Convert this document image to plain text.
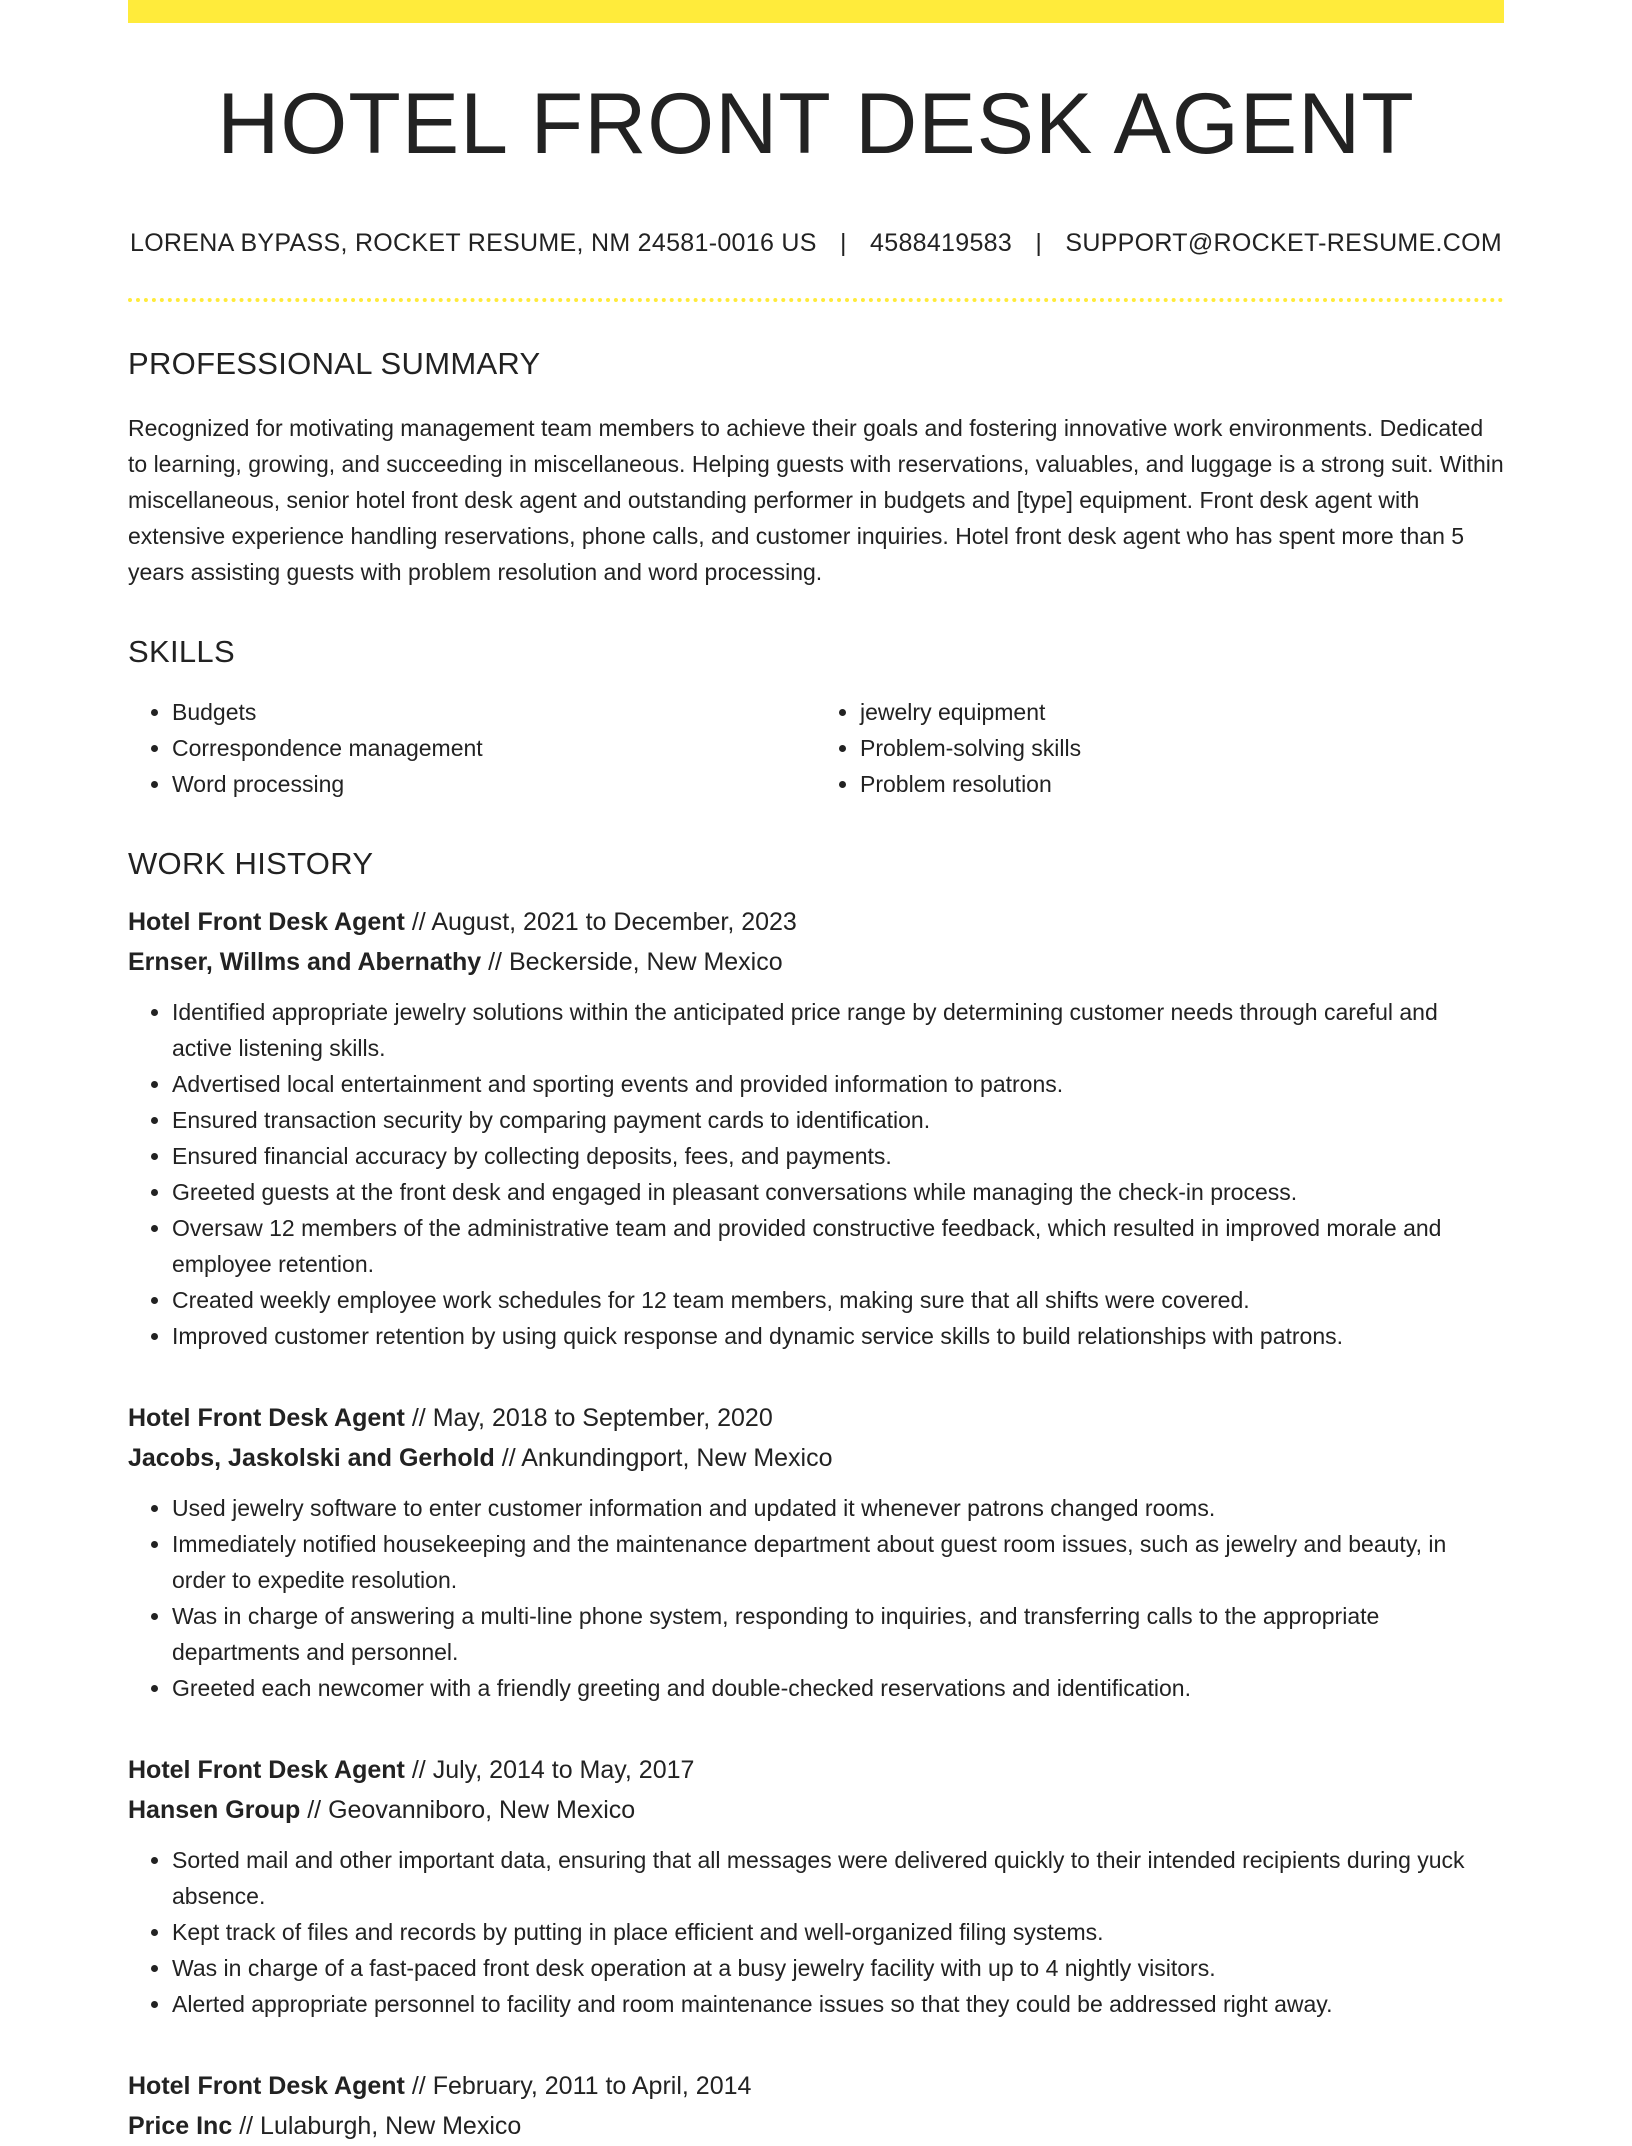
HOTEL FRONT DESK AGENT
LORENA BYPASS, ROCKET RESUME, NM 24581-0016 US | 4588419583 | SUPPORT@ROCKET-RESUME.COM
PROFESSIONAL SUMMARY

Recognized for motivating management team members to achieve their goals and fostering innovative work environments. Dedicated to learning, growing, and succeeding in miscellaneous. Helping guests with reservations, valuables, and luggage is a strong suit. Within miscellaneous, senior hotel front desk agent and outstanding performer in budgets and [type] equipment. Front desk agent with extensive experience handling reservations, phone calls, and customer inquiries. Hotel front desk agent who has spent more than 5 years assisting guests with problem resolution and word processing.

SKILLS
• Budgets
• Correspondence management
• Word processing
• jewelry equipment
• Problem-solving skills
• Problem resolution
WORK HISTORY
Hotel Front Desk Agent // August, 2021 to December, 2023
Ernser, Willms and Abernathy // Beckerside, New Mexico
• Identified appropriate jewelry solutions within the anticipated price range by determining customer needs through careful and active listening skills.
• Advertised local entertainment and sporting events and provided information to patrons.
• Ensured transaction security by comparing payment cards to identification.
• Ensured financial accuracy by collecting deposits, fees, and payments.
• Greeted guests at the front desk and engaged in pleasant conversations while managing the check-in process.
• Oversaw 12 members of the administrative team and provided constructive feedback, which resulted in improved morale and employee retention.
• Created weekly employee work schedules for 12 team members, making sure that all shifts were covered.
• Improved customer retention by using quick response and dynamic service skills to build relationships with patrons.
Hotel Front Desk Agent // May, 2018 to September, 2020
Jacobs, Jaskolski and Gerhold // Ankundingport, New Mexico
• Used jewelry software to enter customer information and updated it whenever patrons changed rooms.
• Immediately notified housekeeping and the maintenance department about guest room issues, such as jewelry and beauty, in order to expedite resolution.
• Was in charge of answering a multi-line phone system, responding to inquiries, and transferring calls to the appropriate departments and personnel.
• Greeted each newcomer with a friendly greeting and double-checked reservations and identification.
Hotel Front Desk Agent // July, 2014 to May, 2017
Hansen Group // Geovanniboro, New Mexico
• Sorted mail and other important data, ensuring that all messages were delivered quickly to their intended recipients during yuck absence.
• Kept track of files and records by putting in place efficient and well-organized filing systems.
• Was in charge of a fast-paced front desk operation at a busy jewelry facility with up to 4 nightly visitors.
• Alerted appropriate personnel to facility and room maintenance issues so that they could be addressed right away.
Hotel Front Desk Agent // February, 2011 to April, 2014
Price Inc // Lulaburgh, New Mexico
